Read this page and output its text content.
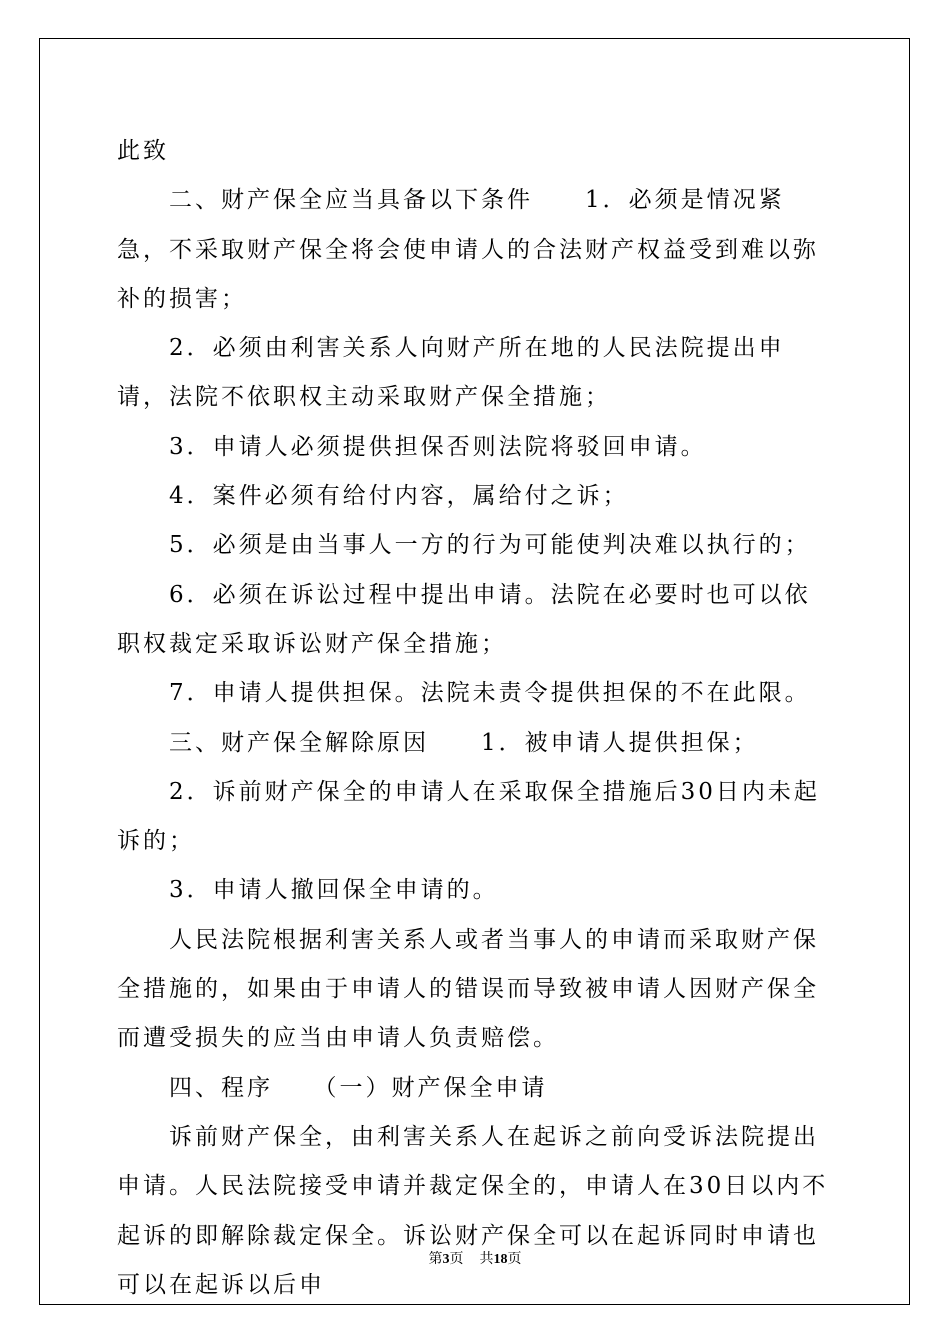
此致

二、财产保全应当具备以下条件　　1．必须是情况紧急，不采取财产保全将会使申请人的合法财产权益受到难以弥补的损害；

2．必须由利害关系人向财产所在地的人民法院提出申请，法院不依职权主动采取财产保全措施；

3．申请人必须提供担保否则法院将驳回申请。

4．案件必须有给付内容，属给付之诉；

5．必须是由当事人一方的行为可能使判决难以执行的；

6．必须在诉讼过程中提出申请。法院在必要时也可以依职权裁定采取诉讼财产保全措施；

7．申请人提供担保。法院未责令提供担保的不在此限。

三、财产保全解除原因　　1．被申请人提供担保；

2．诉前财产保全的申请人在采取保全措施后30日内未起诉的；

3．申请人撤回保全申请的。

人民法院根据利害关系人或者当事人的申请而采取财产保全措施的，如果由于申请人的错误而导致被申请人因财产保全而遭受损失的应当由申请人负责赔偿。

四、程序　　（一）财产保全申请

诉前财产保全，由利害关系人在起诉之前向受诉法院提出申请。人民法院接受申请并裁定保全的，申请人在30日以内不起诉的即解除裁定保全。诉讼财产保全可以在起诉同时申请也可以在起诉以后申

第3页 共18页
